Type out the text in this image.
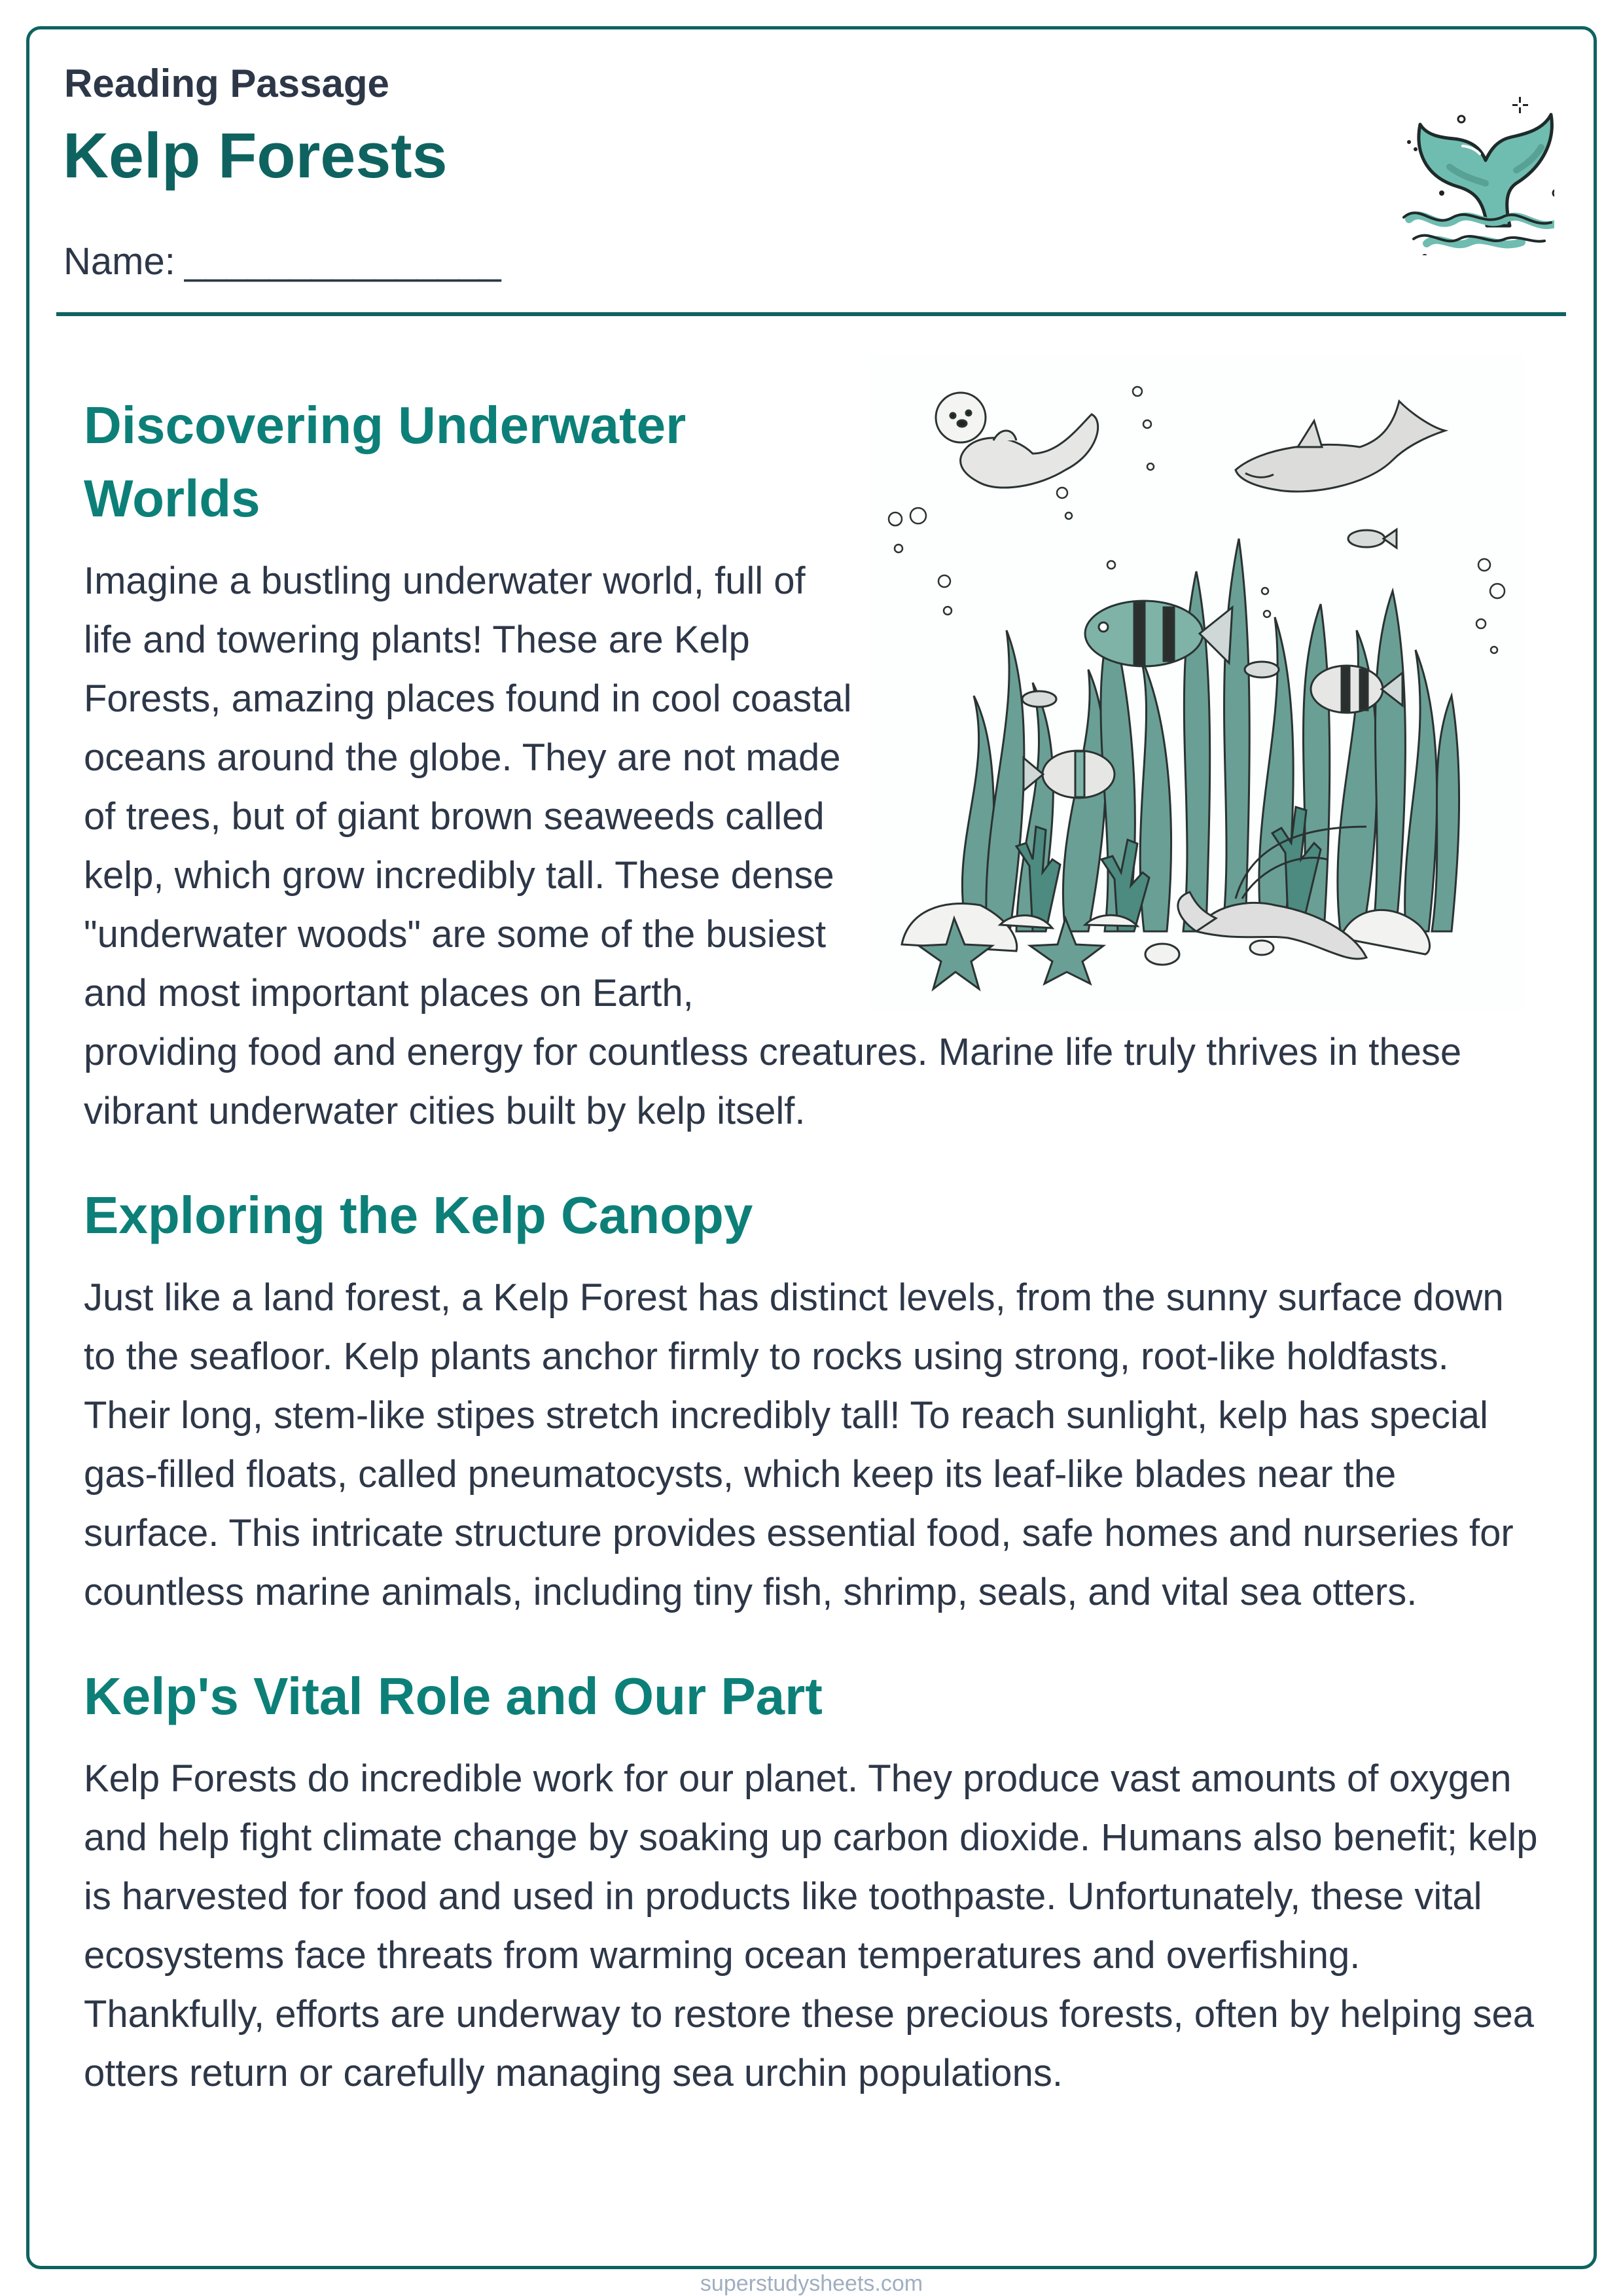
Reading Passage
Kelp Forests
Name: _______________
Discovering Underwater Worlds

Imagine a bustling underwater world, full of life and towering plants! These are Kelp Forests, amazing places found in cool coastal oceans around the globe. They are not made of trees, but of giant brown seaweeds called kelp, which grow incredibly tall. These dense "underwater woods" are some of the busiest and most important places on Earth, providing food and energy for countless creatures. Marine life truly thrives in these vibrant underwater cities built by kelp itself.

Exploring the Kelp Canopy

Just like a land forest, a Kelp Forest has distinct levels, from the sunny surface down to the seafloor. Kelp plants anchor firmly to rocks using strong, root-like holdfasts. Their long, stem-like stipes stretch incredibly tall! To reach sunlight, kelp has special gas-filled floats, called pneumatocysts, which keep its leaf-like blades near the surface. This intricate structure provides essential food, safe homes and nurseries for countless marine animals, including tiny fish, shrimp, seals, and vital sea otters.

Kelp's Vital Role and Our Part

Kelp Forests do incredible work for our planet. They produce vast amounts of oxygen and help fight climate change by soaking up carbon dioxide. Humans also benefit; kelp is harvested for food and used in products like toothpaste. Unfortunately, these vital ecosystems face threats from warming ocean temperatures and overfishing. Thankfully, efforts are underway to restore these precious forests, often by helping sea otters return or carefully managing sea urchin populations.

superstudysheets.com
